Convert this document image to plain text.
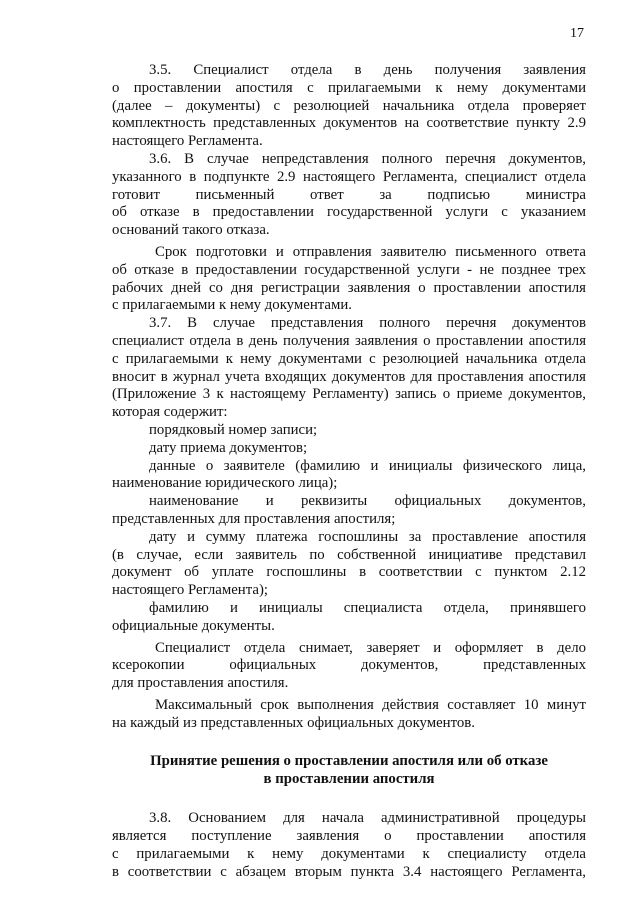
17
3.5. Специалист отдела в день получения заявления
о проставлении апостиля с прилагаемыми к нему документами
(далее – документы) с резолюцией начальника отдела проверяет
комплектность представленных документов на соответствие пункту 2.9
настоящего Регламента.
3.6. В случае непредставления полного перечня документов,
указанного в подпункте 2.9 настоящего Регламента, специалист отдела
готовит письменный ответ за подписью министра
об отказе в предоставлении государственной услуги с указанием
оснований такого отказа.
Срок подготовки и отправления заявителю письменного ответа
об отказе в предоставлении государственной услуги - не позднее трех
рабочих дней со дня регистрации заявления о проставлении апостиля
с прилагаемыми к нему документами.
3.7. В случае представления полного перечня документов
специалист отдела в день получения заявления о проставлении апостиля
с прилагаемыми к нему документами с резолюцией начальника отдела
вносит в журнал учета входящих документов для проставления апостиля
(Приложение 3 к настоящему Регламенту) запись о приеме документов,
которая содержит:
порядковый номер записи;
дату приема документов;
данные о заявителе (фамилию и инициалы физического лица,
наименование юридического лица);
наименование и реквизиты официальных документов,
представленных для проставления апостиля;
дату и сумму платежа госпошлины за проставление апостиля
(в случае, если заявитель по собственной инициативе представил
документ об уплате госпошлины в соответствии с пунктом 2.12
настоящего Регламента);
фамилию и инициалы специалиста отдела, принявшего
официальные документы.
Специалист отдела снимает, заверяет и оформляет в дело
ксерокопии официальных документов, представленных
для проставления апостиля.
Максимальный срок выполнения действия составляет 10 минут
на каждый из представленных официальных документов.
Принятие решения о проставлении апостиля или об отказе
в проставлении апостиля
3.8. Основанием для начала административной процедуры
является поступление заявления о проставлении апостиля
с прилагаемыми к нему документами к специалисту отдела
в соответствии с абзацем вторым пункта 3.4 настоящего Регламента,
